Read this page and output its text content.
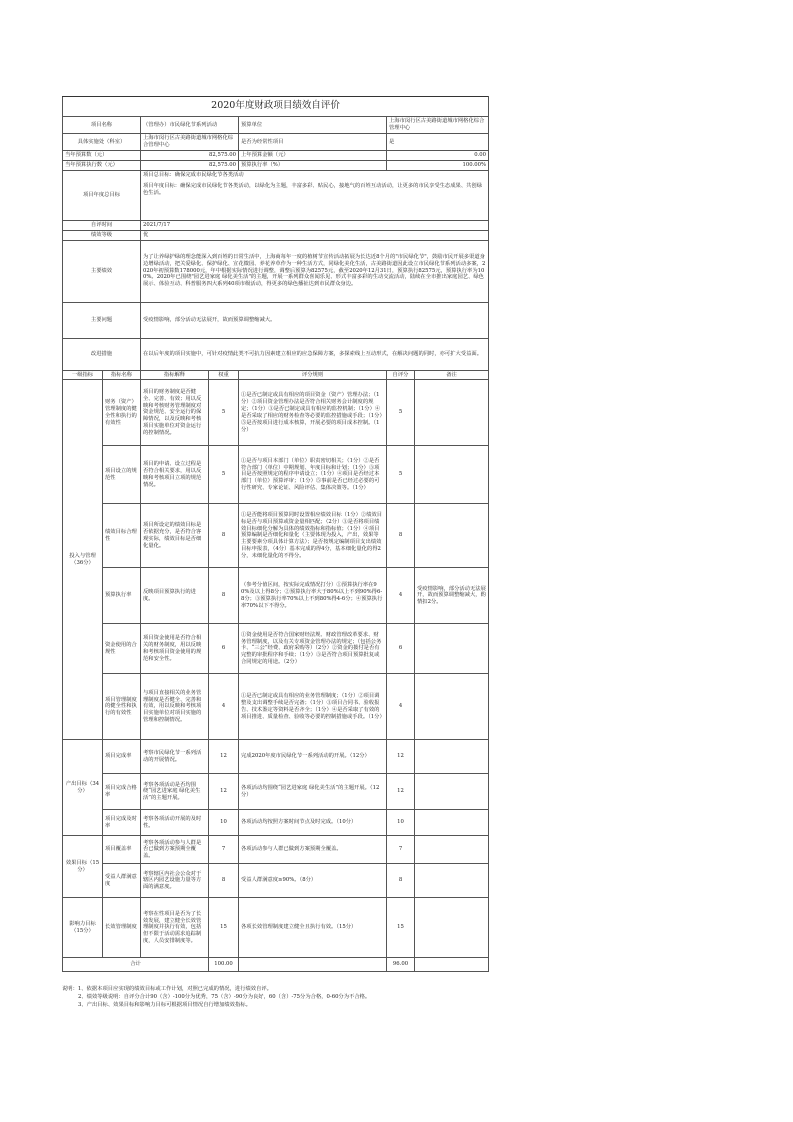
2020年度财政项目绩效自评价						
项目名称		（管理办）市民绿化节系列活动		预算单位	上海市闵行区古美路街道城市网格化综合管理中心	
具体实施处（科室）		上海市闵行区古美路街道城市网格化综合管理中心		是否为经常性项目	是	
当年预算数（元）		82,575.00		上年预算金额（元）	0.00	
当年预算执行数（元）		82,575.00		预算执行率（%）	100.00%	
项目年度总目标		项目总目标：确保完成市民绿化节各类活动
项目年度目标：确保完成市民绿化节各类活动，以绿化为主题，丰富多彩、贴民心，接地气的百姓互动活动，让更多的市民享受生态成果、共创绿色生活。				

自评时间		2021/7/17				
绩效等级		优				
主要绩效		为了让养绿护绿的理念能深入到百姓的日常生活中，上海商每年一度的植树节宣传活动拓展为长达近8个月的"市民绿化节"，鼓励市民开展多渠道身边增绿活动，把关爱绿化、保护绿化、宣花微园、养花养草作为一种生活方式，同绿化美化生活，古美路街道因此设立市民绿化节系列活动多案，2020年初预算数178000元，年中根据实际情况进行调整，调整后预算为82575元，截至2020年12月31日，预算执行82575元，预算执行率为100%。2020年已围绕"园艺进家庭 绿化美生活"的主题，开展一系列群众喜闻乐见、形式丰富多彩的生动交流活动，陆续在全市推出家庭园艺、绿色展示、体验互动、科普服务四大系列40项市级活动，得更多的绿色播扯达到市民群众身边。				
主要问题		受疫情影响，部分活动无法展开，故而预算调整缩减大。				
改进措施		在以后年度的项目实施中，可针对疫情此类不可抗力因素建立相应的应急保障方案，多探索线上互动形式，在解决问题的同时，亦可扩大受益面。				
一级指标	指标名称	指标解释	权重	评分规则	自评分	备注
投入与管理（36分）	财务（资产）管理制度的健全性和执行的有效性	项目的财务制度是否健全、完善、有效；用以反映和考核财务管理制度对资金规范、安全运行的保障情况，以及反映和考核项目实施单位对资金运行的控制情况。	5	①是否已制定或具有相应的项目资金（资产）管理办法；（1分）②项目资金管理办法是否符合相关财务会计制度的规定；（1分）③是否已制定或具有相应的监控机制；（1分）④是否采取了相应的财务检查等必要的监控措施或手段；（1分）⑤是否按项目进行成本核算，开展必要的项目成本控制。（1分）	5	
	项目设立的规范性	项目的申请、设立过程是否符合相关要求，用以反映和考核项目立项的规范情况。	5	①是否与项目本部门（单位）职责密切相关；（1分）②是否符合部门（单位）中期规划、年度目标和计划；（1分）③项目是否按照规定的程序申请设立；（1分）④项目是否经过本部门（单位）预算评审；（1分）⑤事前是否已经过必要的可行性研究、专家论证、风险评估、集体决策等。（1分）	5	
	绩效目标合理性	项目所设定的绩效目标是否依据充分，是否符合客观实际，绩效目标是否细化量化。	8	①是否能将项目预算同时设置相应绩效目标（1分）②绩效目标是否与项目预算或资金量相匹配；（2分）③是否将项目绩效目标细化分解为具体的绩效指标和指标值；（1分）④项目预算编制是否细化和量化（主要体现为投入，产出，效果等主要要素分项具体计算方法）；是否按规定编制项目支出绩效目标申报表，（4分）基本完成的得4分，基本细化量化的得2分，未细化量化的不得分。	8	
	预算执行率	反映项目预算执行的进度。	8	（参考分值区间，按实际完成情况打分）①预算执行率在90%及以上得8分；②预算执行率大于80%以上不到90%得6-8分；③预算执行率70%以上不到80%得4-6分；④预算执行率70%以下不得分。	4	受疫情影响，部分活动无法展开，故而预算调整缩减大，酌情扣2分。
	资金使用的合规性	项目资金使用是否符合相关的财务制度，用以反映和考核项目资金使用的规范和安全性。	6	①资金使用是否符合国家财经法规、财政管理改革要求、财务管理制度，以及有关专项资金管理办法的规定；（包括公务卡、“三公”经费、政府采购等）（2分）②资金的拨付是否有完整的审批程序和手续；（1分）③是否符合项目预算批复或合同规定的用途。（2分）	6	
	项目管理制度的健全性和执行的有效性	与项目直接相关的业务管理制度是否健全、完善和有效，用以反映和考核项目实施单位对项目实施的管理和控制情况。	4	①是否已制定或具有相应的业务管理制度；（1分）②项目调整及支出调整手续是否完备；（1分）③项目合同书、验收报告、技术鉴定等资料是否齐全；（1分）④是否采取了有效的项目推进、质量检查、验收等必要的控制措施或手段。（1分）	4	
产出目标（34分）	项目完成率	考察市民绿化节一系列活动的开展情况。	12	完成2020年度市民绿化节一系列活动的开展。（12分）	12	
	项目完成合格率	考察各项活动是否均围绕“园艺进家庭 绿化美生活”的主题开展。	12	各项活动均围绕“园艺进家庭 绿化美生活”的主题开展。（12分）	12	
	项目完成及时率	考察各项活动开展的及时性。	10	各项活动均按照方案时间节点及时完成。（10分）	10	
效果目标（15分）	项目覆盖率	考察各项活动参与人群是否已做到方案预期全覆盖。	7	各项活动参与人群已做到方案预期全覆盖。	7	
	受益人群满意度	考察辖区内社会公众对于辖区内园艺设施力量等方面的满意度。	8	受益人群满意度≥90%。（8分）	8	
影响力目标（15分）	长效管理制度	考察在性项目是否为了长效发展，建立健全长效管理制度并执行有效，包括但不限于活动需求追踪制度，人员安排制度等。	15	各项长效管理制度建立健全且执行有效。（15分）	15	
合计			100.00		96.00	
说明：1、依据本项目应实现的绩效目标或工作计划，对照已完成的情况，进行绩效自评。
2、绩效等级说明：自评分合计90（含）-100分为优秀，75（含）-90分为良好，60（含）-75分为合格，0-60分为不合格。
3、产出目标、效果目标和影响力目标可根据项目情况自行增加绩效指标。
